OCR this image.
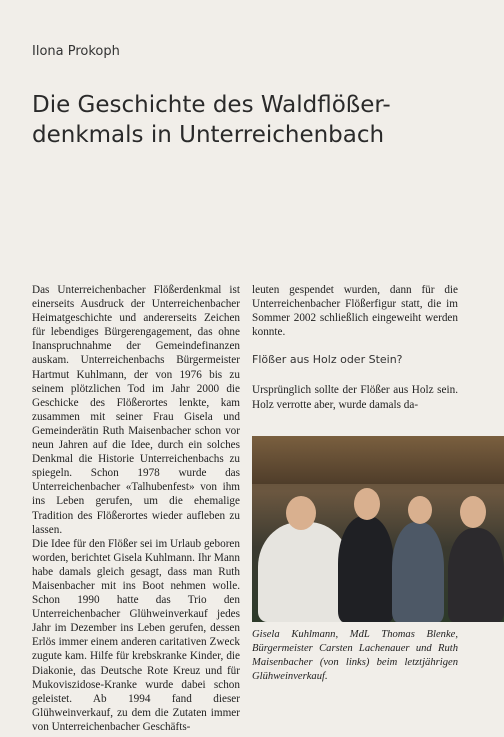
Ilona Prokoph
Die Geschichte des Waldflößer-
denkmals in Unterreichenbach

Das Unterreichenbacher Flößerdenkmal ist einerseits Ausdruck der Unterreichenbacher Heimatgeschichte und andererseits Zeichen für lebendiges Bürgerengagement, das ohne Inanspruchnahme der Gemeindefinanzen auskam. Unterreichenbachs Bürgermeister Hartmut Kuhlmann, der von 1976 bis zu seinem plötzlichen Tod im Jahr 2000 die Geschicke des Flößerortes lenkte, kam zusammen mit seiner Frau Gisela und Gemeinderätin Ruth Maisenbacher schon vor neun Jahren auf die Idee, durch ein solches Denkmal die Historie Unterreichenbachs zu spiegeln. Schon 1978 wurde das Unterreichenbacher «Talhubenfest» von ihm ins Leben gerufen, um die ehemalige Tradition des Flößerortes wieder aufleben zu lassen.

Die Idee für den Flößer sei im Urlaub geboren worden, berichtet Gisela Kuhlmann. Ihr Mann habe damals gleich gesagt, dass man Ruth Maisenbacher mit ins Boot nehmen wolle. Schon 1990 hatte das Trio den Unterreichenbacher Glühweinverkauf jedes Jahr im Dezember ins Leben gerufen, dessen Erlös immer einem anderen caritativen Zweck zugute kam. Hilfe für krebskranke Kinder, die Diakonie, das Deutsche Rote Kreuz und für Mukoviszidose-Kranke wurde dabei schon geleistet. Ab 1994 fand dieser Glühweinverkauf, zu dem die Zutaten immer von Unterreichenbacher Geschäfts-

leuten gespendet wurden, dann für die Unterreichenbacher Flößerfigur statt, die im Sommer 2002 schließlich eingeweiht werden konnte.

Flößer aus Holz oder Stein?

Ursprünglich sollte der Flößer aus Holz sein. Holz verrotte aber, wurde damals da-

Gisela Kuhlmann, MdL Thomas Blenke, Bürgermeister Carsten Lachenauer und Ruth Maisenbacher (von links) beim letztjährigen Glühweinverkauf.
